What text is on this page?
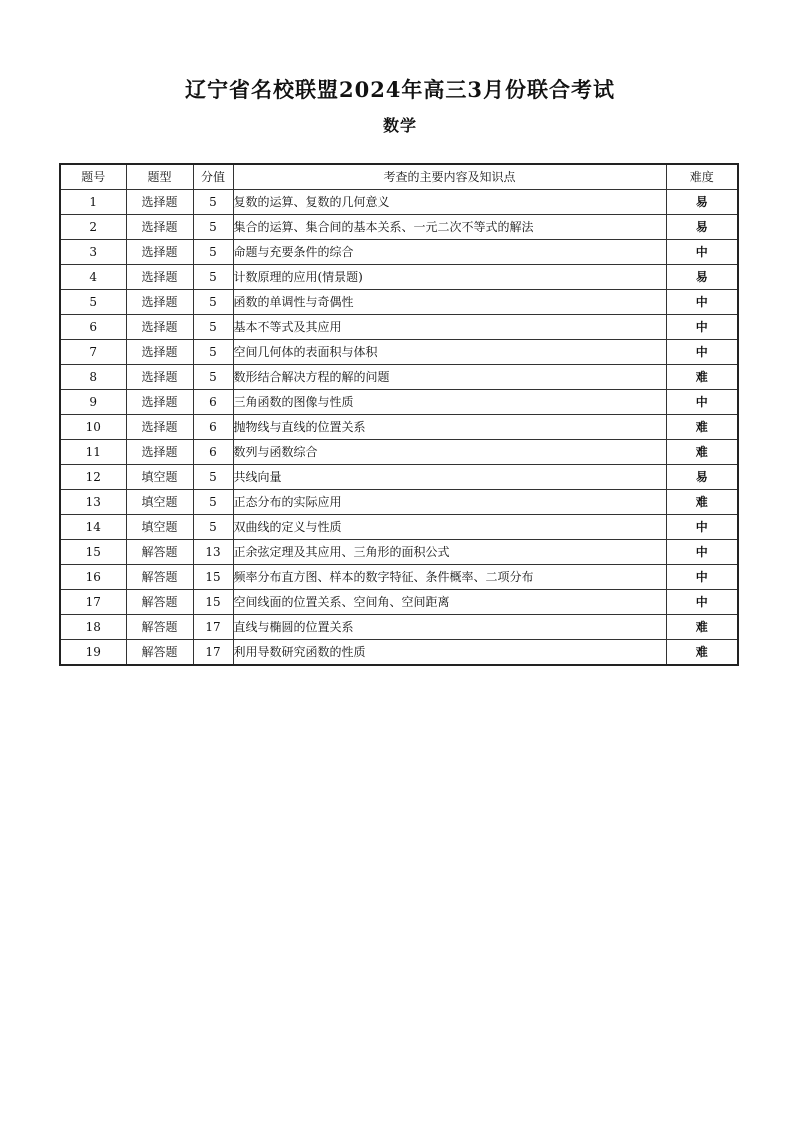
辽宁省名校联盟2024年高三3月份联合考试
数学
题号	题型	分值	考查的主要内容及知识点	难度
1	选择题	5	复数的运算、复数的几何意义	易
2	选择题	5	集合的运算、集合间的基本关系、一元二次不等式的解法	易
3	选择题	5	命题与充要条件的综合	中
4	选择题	5	计数原理的应用(情景题)	易
5	选择题	5	函数的单调性与奇偶性	中
6	选择题	5	基本不等式及其应用	中
7	选择题	5	空间几何体的表面积与体积	中
8	选择题	5	数形结合解决方程的解的问题	难
9	选择题	6	三角函数的图像与性质	中
10	选择题	6	抛物线与直线的位置关系	难
11	选择题	6	数列与函数综合	难
12	填空题	5	共线向量	易
13	填空题	5	正态分布的实际应用	难
14	填空题	5	双曲线的定义与性质	中
15	解答题	13	正余弦定理及其应用、三角形的面积公式	中
16	解答题	15	频率分布直方图、样本的数字特征、条件概率、二项分布	中
17	解答题	15	空间线面的位置关系、空间角、空间距离	中
18	解答题	17	直线与椭圆的位置关系	难
19	解答题	17	利用导数研究函数的性质	难
